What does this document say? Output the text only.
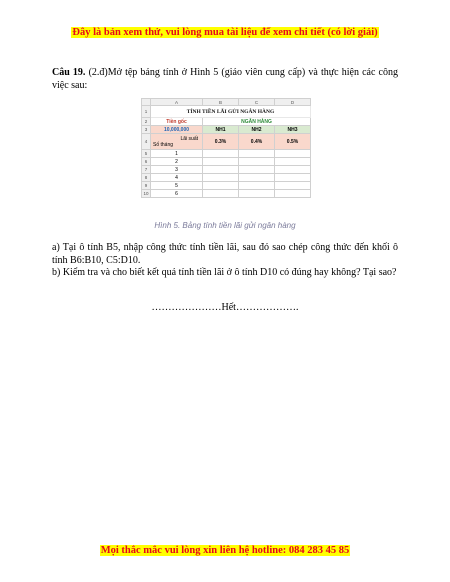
Đây là bản xem thử, vui lòng mua tài liệu để xem chi tiết (có lời giải)
Câu 19. (2.đ)Mở tệp bảng tính ở Hình 5 (giáo viên cung cấp) và thực hiện các công việc sau:
	A	B	C	D
1	TÍNH TIỀN LÃI GỬI NGÂN HÀNG			
2	Tiền gốc	NGÂN HÀNG		
3	10,000,000	NH1	NH2	NH3
4	Lãi suất
Số tháng	0.3%	0.4%	0.5%
5	1			
6	2			
7	3			
8	4			
9	5			
10	6			
Hình 5. Bảng tính tiền lãi gửi ngân hàng

a) Tại ô tính B5, nhập công thức tính tiền lãi, sau đó sao chép công thức đến khối ô tính B6:B10, C5:D10.

b) Kiểm tra và cho biết kết quả tính tiền lãi ở ô tính D10 có đúng hay không? Tại sao?

…………………Hết……………….
Mọi thắc mắc vui lòng xin liên hệ hotline: 084 283 45 85
